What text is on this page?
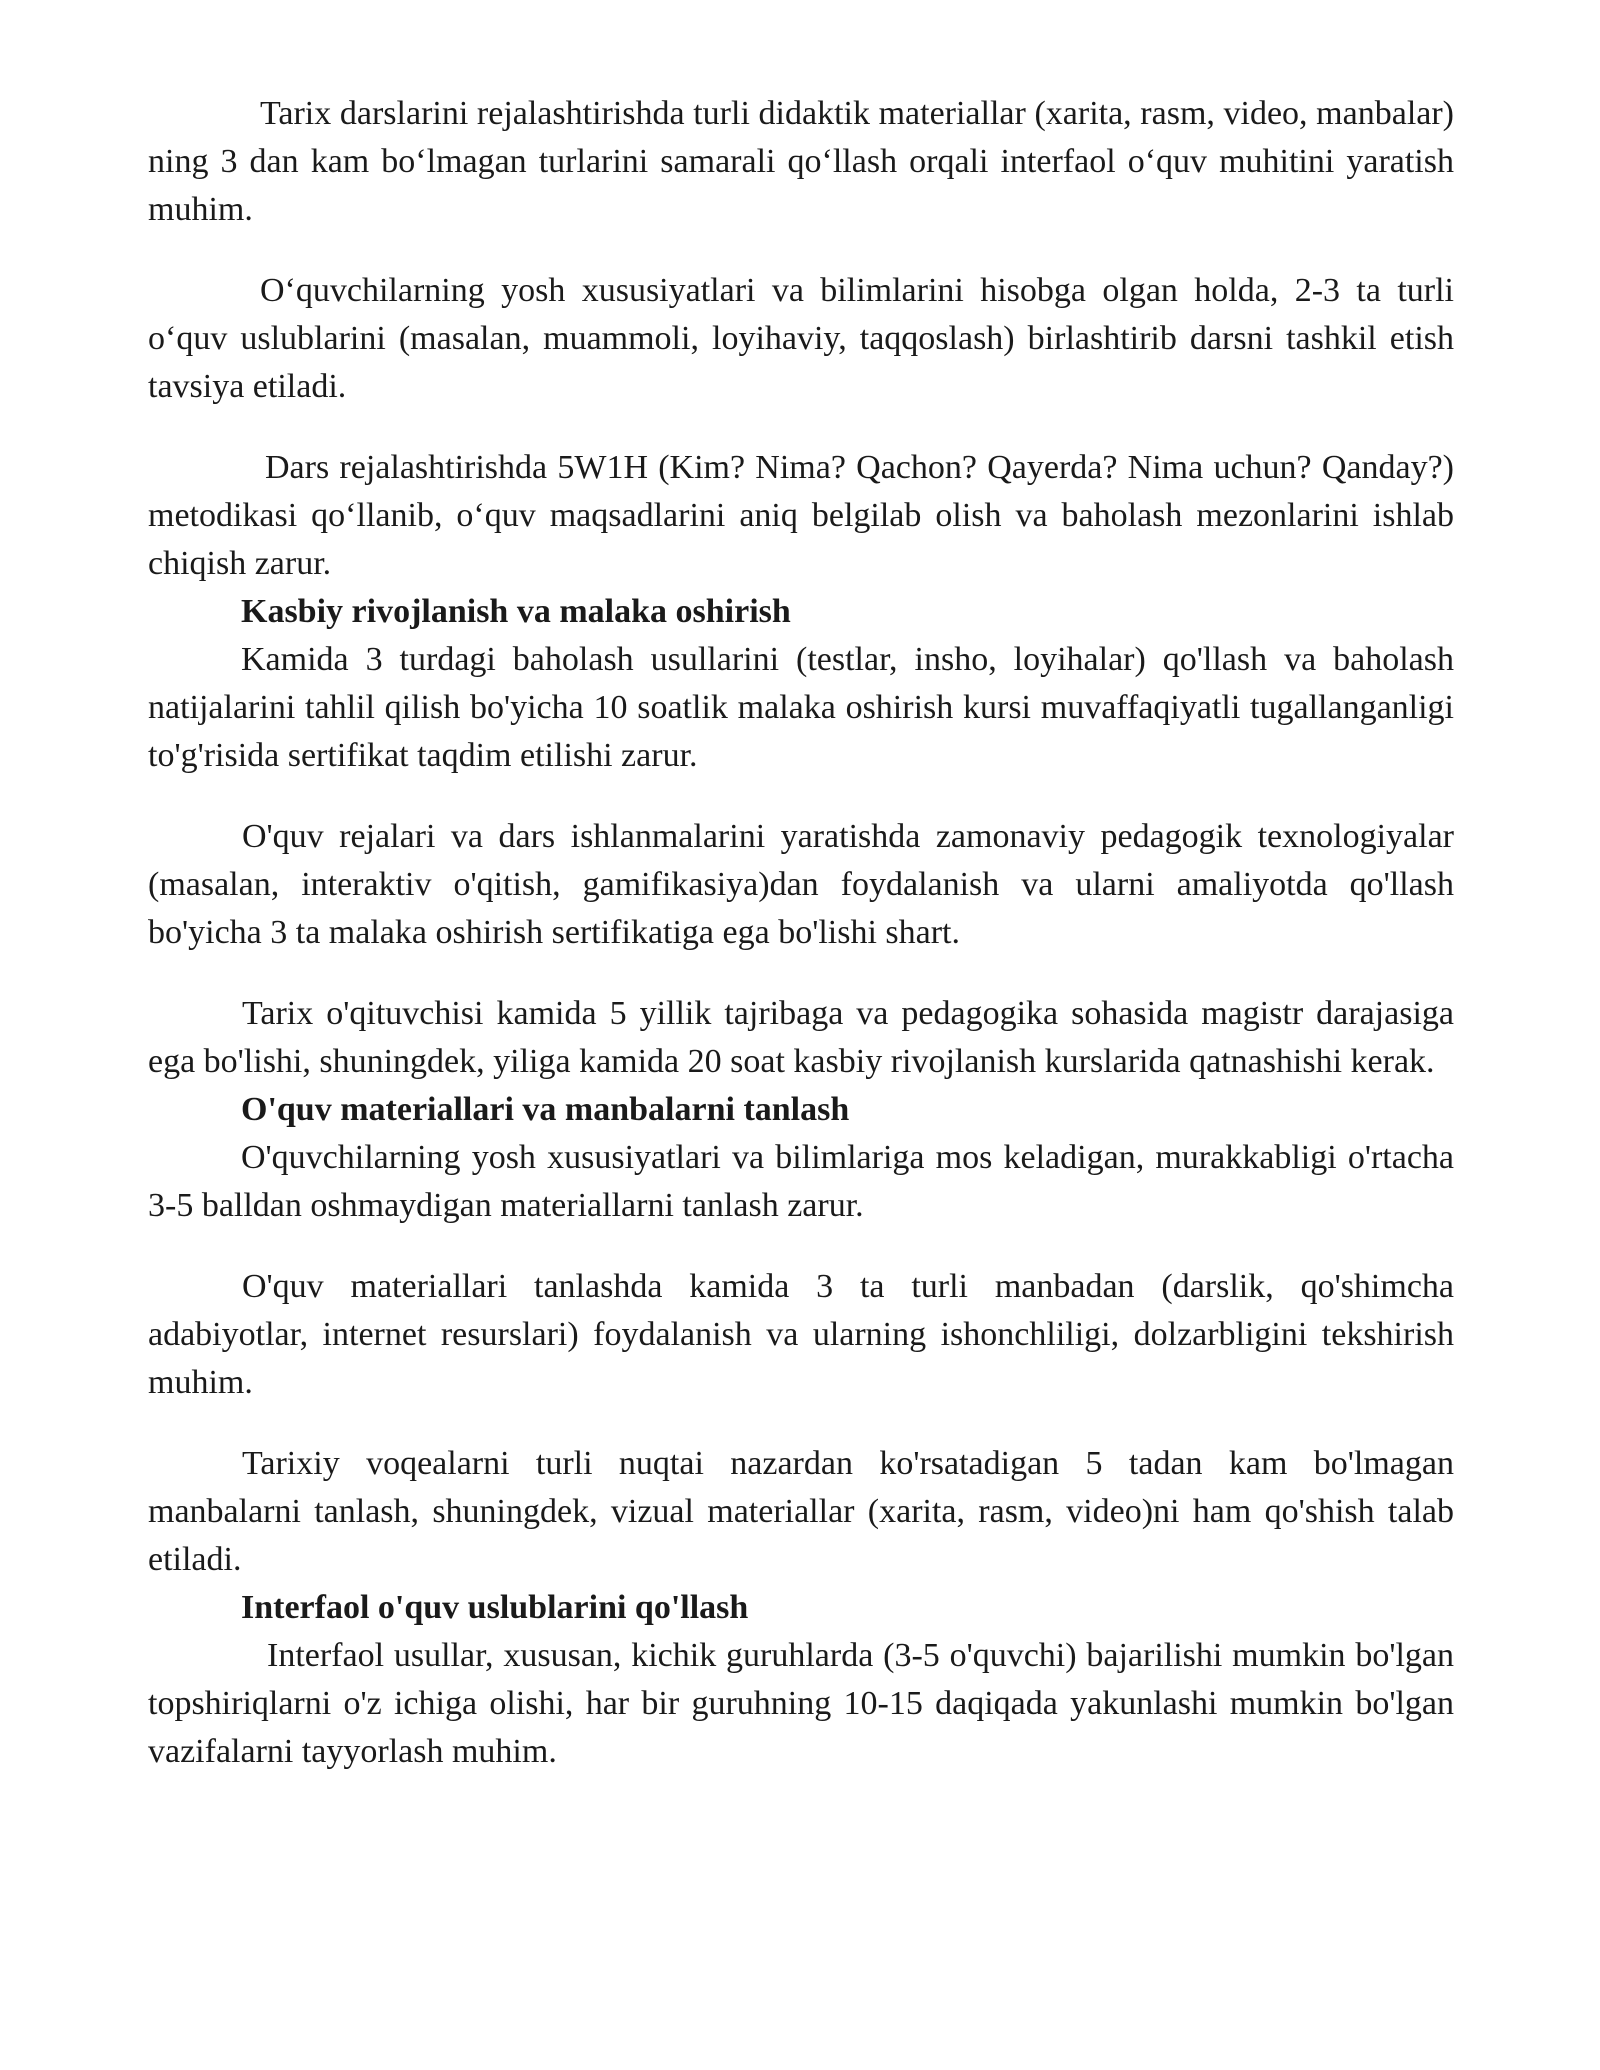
Tarix darslarini rejalashtirishda turli didaktik materiallar (xarita, rasm, video, manbalar) ning 3 dan kam bo‘lmagan turlarini samarali qo‘llash orqali interfaol o‘quv muhitini yaratish muhim.

O‘quvchilarning yosh xususiyatlari va bilimlarini hisobga olgan holda, 2-3 ta turli o‘quv uslublarini (masalan, muammoli, loyihaviy, taqqoslash) birlashtirib darsni tashkil etish tavsiya etiladi.

Dars rejalashtirishda 5W1H (Kim? Nima? Qachon? Qayerda? Nima uchun? Qanday?) metodikasi qo‘llanib, o‘quv maqsadlarini aniq belgilab olish va baholash mezonlarini ishlab chiqish zarur.

Kasbiy rivojlanish va malaka oshirish

Kamida 3 turdagi baholash usullarini (testlar, insho, loyihalar) qo'llash va baholash natijalarini tahlil qilish bo'yicha 10 soatlik malaka oshirish kursi muvaffaqiyatli tugallanganligi to'g'risida sertifikat taqdim etilishi zarur.

O'quv rejalari va dars ishlanmalarini yaratishda zamonaviy pedagogik texnologiyalar (masalan, interaktiv o'qitish, gamifikasiya)dan foydalanish va ularni amaliyotda qo'llash bo'yicha 3 ta malaka oshirish sertifikatiga ega bo'lishi shart.

Tarix o'qituvchisi kamida 5 yillik tajribaga va pedagogika sohasida magistr darajasiga ega bo'lishi, shuningdek, yiliga kamida 20 soat kasbiy rivojlanish kurslarida qatnashishi kerak.

O'quv materiallari va manbalarni tanlash

O'quvchilarning yosh xususiyatlari va bilimlariga mos keladigan, murakkabligi o'rtacha 3-5 balldan oshmaydigan materiallarni tanlash zarur.

O'quv materiallari tanlashda kamida 3 ta turli manbadan (darslik, qo'shimcha adabiyotlar, internet resurslari) foydalanish va ularning ishonchliligi, dolzarbligini tekshirish muhim.

Tarixiy voqealarni turli nuqtai nazardan ko'rsatadigan 5 tadan kam bo'lmagan manbalarni tanlash, shuningdek, vizual materiallar (xarita, rasm, video)ni ham qo'shish talab etiladi.

Interfaol o'quv uslublarini qo'llash

Interfaol usullar, xususan, kichik guruhlarda (3-5 o'quvchi) bajarilishi mumkin bo'lgan topshiriqlarni o'z ichiga olishi, har bir guruhning 10-15 daqiqada yakunlashi mumkin bo'lgan vazifalarni tayyorlash muhim.
